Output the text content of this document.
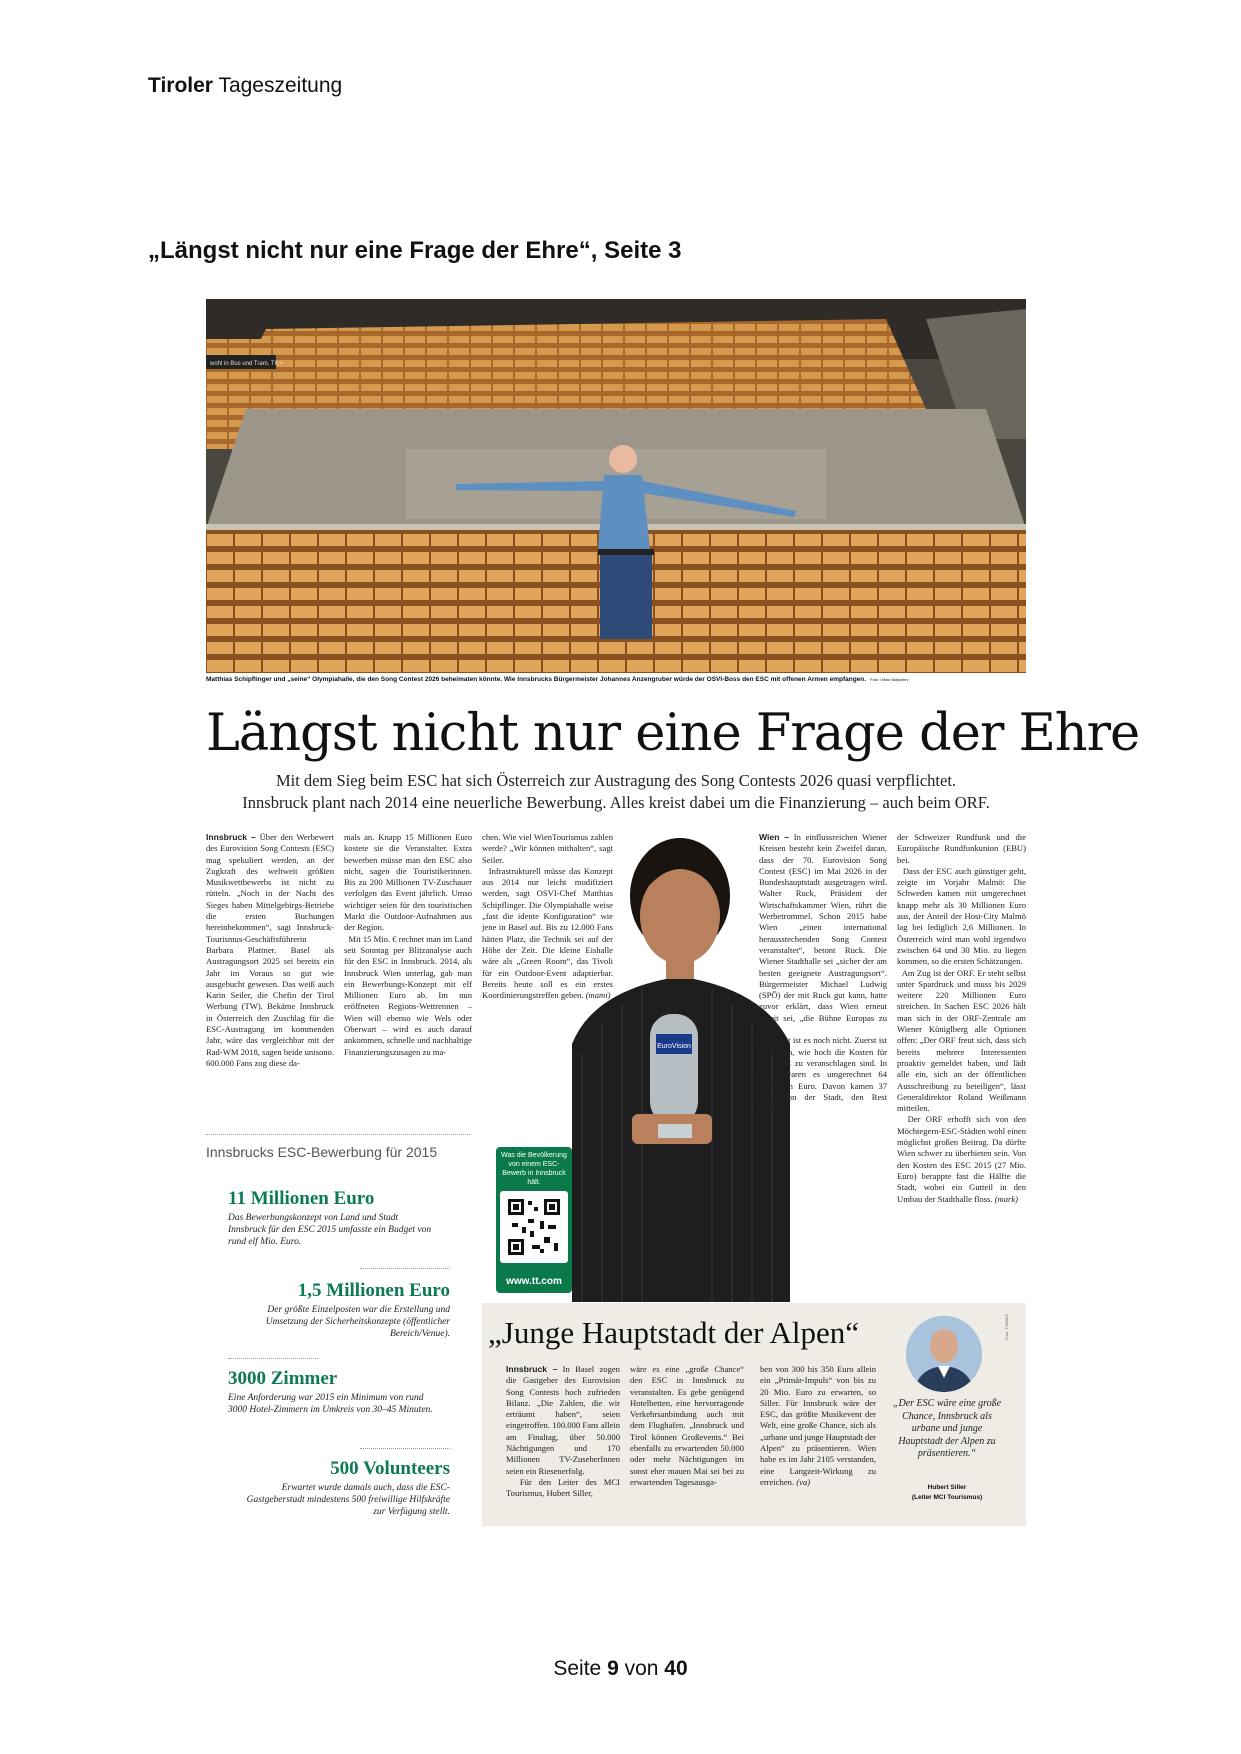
Tiroler Tageszeitung
„Längst nicht nur eine Frage der Ehre“, Seite 3
wohl in Bus und Tram. Th =
Matthias Schipflinger und „seine“ Olympiahalle, die den Song Contest 2026 beheimaten könnte. Wie Innsbrucks Bürgermeister Johannes Anzengruber würde der OSVI-Boss den ESC mit offenen Armen empfangen. Foto: Viktor Malyshev
Längst nicht nur eine Frage der Ehre
Mit dem Sieg beim ESC hat sich Österreich zur Austragung des Song Contests 2026 quasi verpflichtet.
Innsbruck plant nach 2014 eine neuerliche Bewerbung. Alles kreist dabei um die Finanzierung – auch beim ORF.
Innsbruck – Über den Werbewert des Eurovision Song Contests (ESC) mag spekuliert werden, an der Zugkraft des weltweit größten Musikwettbewerbs ist nicht zu rütteln. „Noch in der Nacht des Sieges haben Mittelgebirgs-Betriebe die ersten Buchungen hereinbekommen“, sagt Innsbruck-Tourismus-Geschäftsführerin Barbara Plattner. Basel als Austragungsort 2025 sei bereits ein Jahr im Voraus so gut wie ausgebucht gewesen. Das weiß auch Karin Seiler, die Chefin der Tirol Werbung (TW). Bekäme Innsbruck in Österreich den Zuschlag für die ESC-Austragung im kommenden Jahr, wäre das vergleichbar mit der Rad-WM 2018, sagen beide unisono. 600.000 Fans zog diese da-
mals an. Knapp 15 Millionen Euro kostete sie die Veranstalter. Extra bewerben müsse man den ESC also nicht, sagen die Touristikerinnen. Bis zu 200 Millionen TV-Zuschauer verfolgen das Event jährlich. Umso wichtiger seien für den touristischen Markt die Outdoor-Aufnahmen aus der Region.
Mit 15 Mio. € rechnet man im Land seit Sonntag per Blitzanalyse auch für den ESC in Innsbruck. 2014, als Innsbruck Wien unterlag, gab man ein Bewerbungs-Konzept mit elf Millionen Euro ab. Im nun eröffneten Regions-Wettrennen – Wien will ebenso wie Wels oder Oberwart – wird es auch darauf ankommen, schnelle und nachhaltige Finanzierungszusagen zu ma-
chen. Wie viel WienTourismus zahlen werde? „Wir können mithalten“, sagt Seiler.
Infrastrukturell müsse das Konzept aus 2014 nur leicht modifiziert werden, sagt OSVI-Chef Matthias Schipflinger. Die Olympiahalle weise „fast die idente Konfiguration“ wie jene in Basel auf. Bis zu 12.000 Fans hätten Platz, die Technik sei auf der Höhe der Zeit. Die kleine Eishalle wäre als „Green Room“, das Tivoli für ein Outdoor-Event adaptierbar. Bereits heute soll es ein erstes Koordinierungstreffen geben. (mami)
EuroVision
Wien – In einflussreichen Wiener Kreisen besteht kein Zweifel daran, dass der 70. Eurovision Song Contest (ESC) im Mai 2026 in der Bundeshauptstadt ausgetragen wird. Walter Ruck, Präsident der Wirtschaftskammer Wien, rührt die Werbetrommel. Schon 2015 habe Wien „einen international herausstechenden Song Contest veranstaltet“, betont Ruck. Die Wiener Stadthalle sei „sicher der am besten geeignete Austragungsort“. Bürgermeister Michael Ludwig (SPÖ) der mit Ruck gut kann, hatte zuvor erklärt, dass Wien erneut bereit sei, „die Bühne Europas zu sein“.
So weit ist es noch nicht. Zuerst ist zu klären, wie hoch die Kosten für den ESC zu veranschlagen sind. In Basel waren es umgerechnet 64 Millionen Euro. Davon kamen 37 Mio. von der Stadt, den Rest steuerten
der Schweizer Rundfunk und die Europäische Rundfunkunion (EBU) bei.
Dass der ESC auch günstiger geht, zeigte im Vorjahr Malmö: Die Schweden kamen mit umgerechnet knapp mehr als 30 Millionen Euro aus, der Anteil der Host-City Malmö lag bei lediglich 2,6 Millionen. In Österreich wird man wohl irgendwo zwischen 64 und 30 Mio. zu liegen kommen, so die ersten Schätzungen.
Am Zug ist der ORF. Er steht selbst unter Spardruck und muss bis 2029 weitere 220 Millionen Euro streichen. In Sachen ESC 2026 hält man sich in der ORF-Zentrale am Wiener Küniglberg alle Optionen offen: „Der ORF freut sich, dass sich bereits mehrere Interessenten proaktiv gemeldet haben, und lädt alle ein, sich an der öffentlichen Ausschreibung zu beteiligen“, lässt Generaldirektor Roland Weißmann mitteilen.
Der ORF erhofft sich von den Möchtegern-ESC-Städten wohl einen möglichst großen Beitrag. Da dürfte Wien schwer zu überbieten sein. Von den Kosten des ESC 2015 (27 Mio. Euro) berappte fast die Hälfte die Stadt, wobei ein Gutteil in den Umbau der Stadthalle floss. (mark)
Innsbrucks ESC-Bewerbung für 2015
11 Millionen Euro
Das Bewerbungskonzept von Land und Stadt Innsbruck für den ESC 2015 umfasste ein Budget von rund elf Mio. Euro.
1,5 Millionen Euro
Der größte Einzelposten war die Erstellung und Umsetzung der Sicherheitskonzepte (öffentlicher Bereich/Venue).
3000 Zimmer
Eine Anforderung war 2015 ein Minimum von rund 3000 Hotel-Zimmern im Umkreis von 30–45 Minuten.
500 Volunteers
Erwartet wurde damals auch, dass die ESC-Gastgeberstadt mindestens 500 freiwillige Hilfskräfte zur Verfügung stellt.
Was die Bevölkerung von einem ESC-Bewerb in Innsbruck hält.
www.tt.com
„Junge Hauptstadt der Alpen“
Innsbruck – In Basel zogen die Gastgeber des Eurovision Song Contests hoch zufrieden Bilanz. „Die Zahlen, die wir erträumt haben“, seien eingetroffen. 100.000 Fans allein am Finaltag, über 50.000 Nächtigungen und 170 Millionen TV-ZuseherInnen seien ein Riesenerfolg.
Für den Leiter des MCI Tourismus, Hubert Siller,
wäre es eine „große Chance“ den ESC in Innsbruck zu veranstalten. Es gebe genügend Hotelbetten, eine hervorragende Verkehrsanbindung auch mit dem Flughafen. „Innsbruck und Tirol können Großevents.“ Bei ebenfalls zu erwartenden 50.000 oder mehr Nächtigungen im sonst eher mauen Mai sei bei zu erwartenden Tagesausga-
ben von 300 bis 350 Euro allein ein „Primär-Impuls“ von bis zu 20 Mio. Euro zu erwarten, so Siller. Für Innsbruck wäre der ESC, das größte Musikevent der Welt, eine große Chance, sich als „urbane und junge Hauptstadt der Alpen“ zu präsentieren. Wien habe es im Jahr 2105 verstanden, eine Langzeit-Wirkung zu erreichen. (va)
Foto: TVB/MCI
„Der ESC wäre eine große Chance, Innsbruck als urbane und junge Hauptstadt der Alpen zu präsentieren.“
Hubert Siller
(Leiter MCI Tourismus)
Seite 9 von 40
